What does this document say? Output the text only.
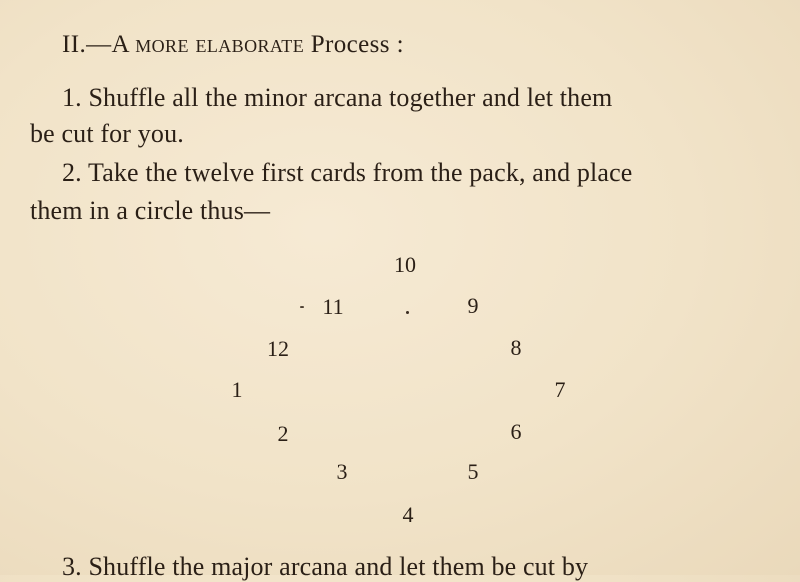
II.—A more elaborate Process :
1. Shuffle all the minor arcana together and let them
be cut for you.
2. Take the twelve first cards from the pack, and place
them in a circle thus—
1
2
3
4
5
6
7
8
9
10
11
12
3. Shuffle the major arcana and let them be cut by
